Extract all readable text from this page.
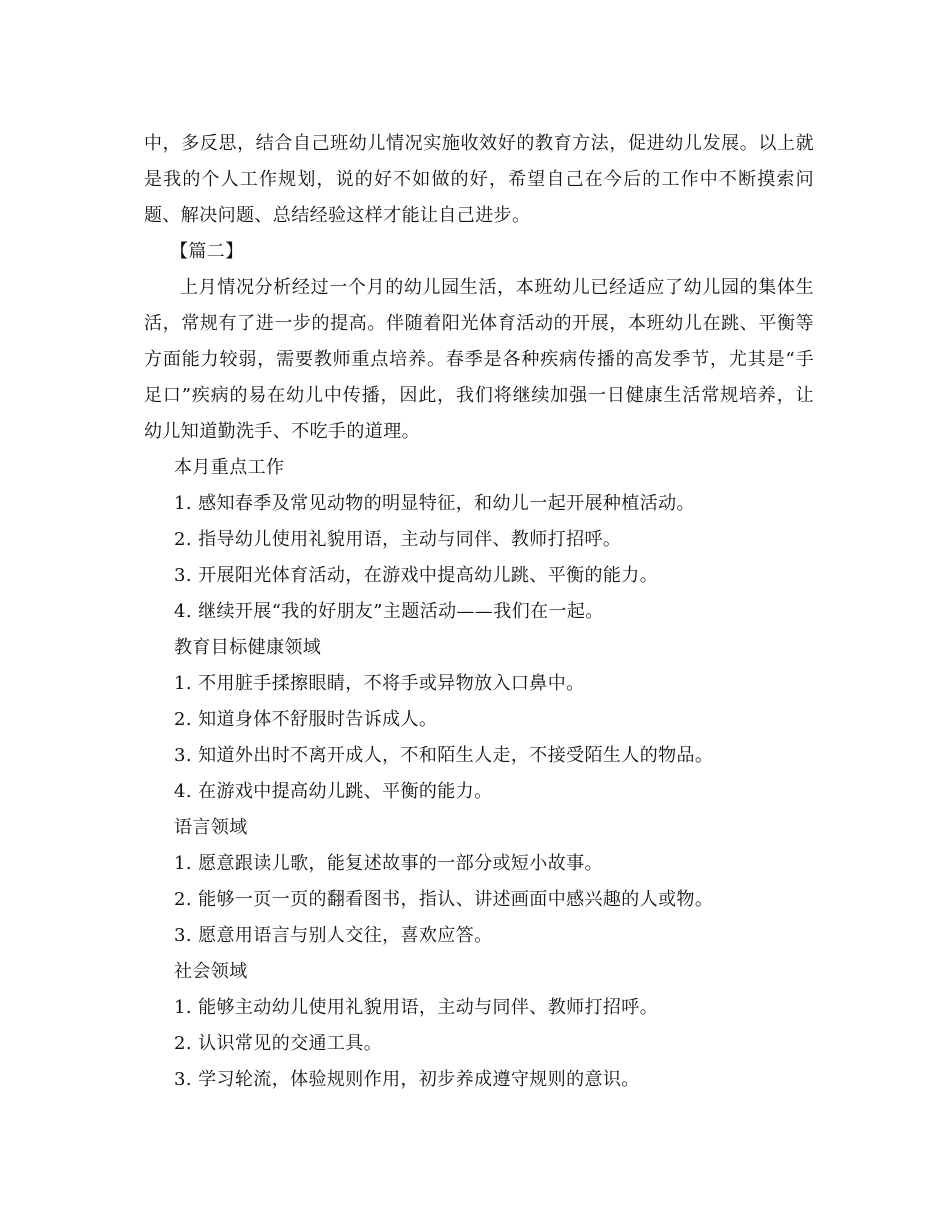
中，多反思，结合自己班幼儿情况实施收效好的教育方法，促进幼儿发展。以上就是我的个人工作规划，说的好不如做的好，希望自己在今后的工作中不断摸索问题、解决问题、总结经验这样才能让自己进步。

【篇二】

上月情况分析经过一个月的幼儿园生活，本班幼儿已经适应了幼儿园的集体生活，常规有了进一步的提高。伴随着阳光体育活动的开展，本班幼儿在跳、平衡等方面能力较弱，需要教师重点培养。春季是各种疾病传播的高发季节，尤其是“手足口”疾病的易在幼儿中传播，因此，我们将继续加强一日健康生活常规培养，让幼儿知道勤洗手、不吃手的道理。

本月重点工作

1. 感知春季及常见动物的明显特征，和幼儿一起开展种植活动。

2. 指导幼儿使用礼貌用语，主动与同伴、教师打招呼。

3. 开展阳光体育活动，在游戏中提高幼儿跳、平衡的能力。

4. 继续开展“我的好朋友”主题活动——我们在一起。

教育目标健康领域

1. 不用脏手揉擦眼睛，不将手或异物放入口鼻中。

2. 知道身体不舒服时告诉成人。

3. 知道外出时不离开成人，不和陌生人走，不接受陌生人的物品。

4. 在游戏中提高幼儿跳、平衡的能力。

语言领域

1. 愿意跟读儿歌，能复述故事的一部分或短小故事。

2. 能够一页一页的翻看图书，指认、讲述画面中感兴趣的人或物。

3. 愿意用语言与别人交往，喜欢应答。

社会领域

1. 能够主动幼儿使用礼貌用语，主动与同伴、教师打招呼。

2. 认识常见的交通工具。

3. 学习轮流，体验规则作用，初步养成遵守规则的意识。
